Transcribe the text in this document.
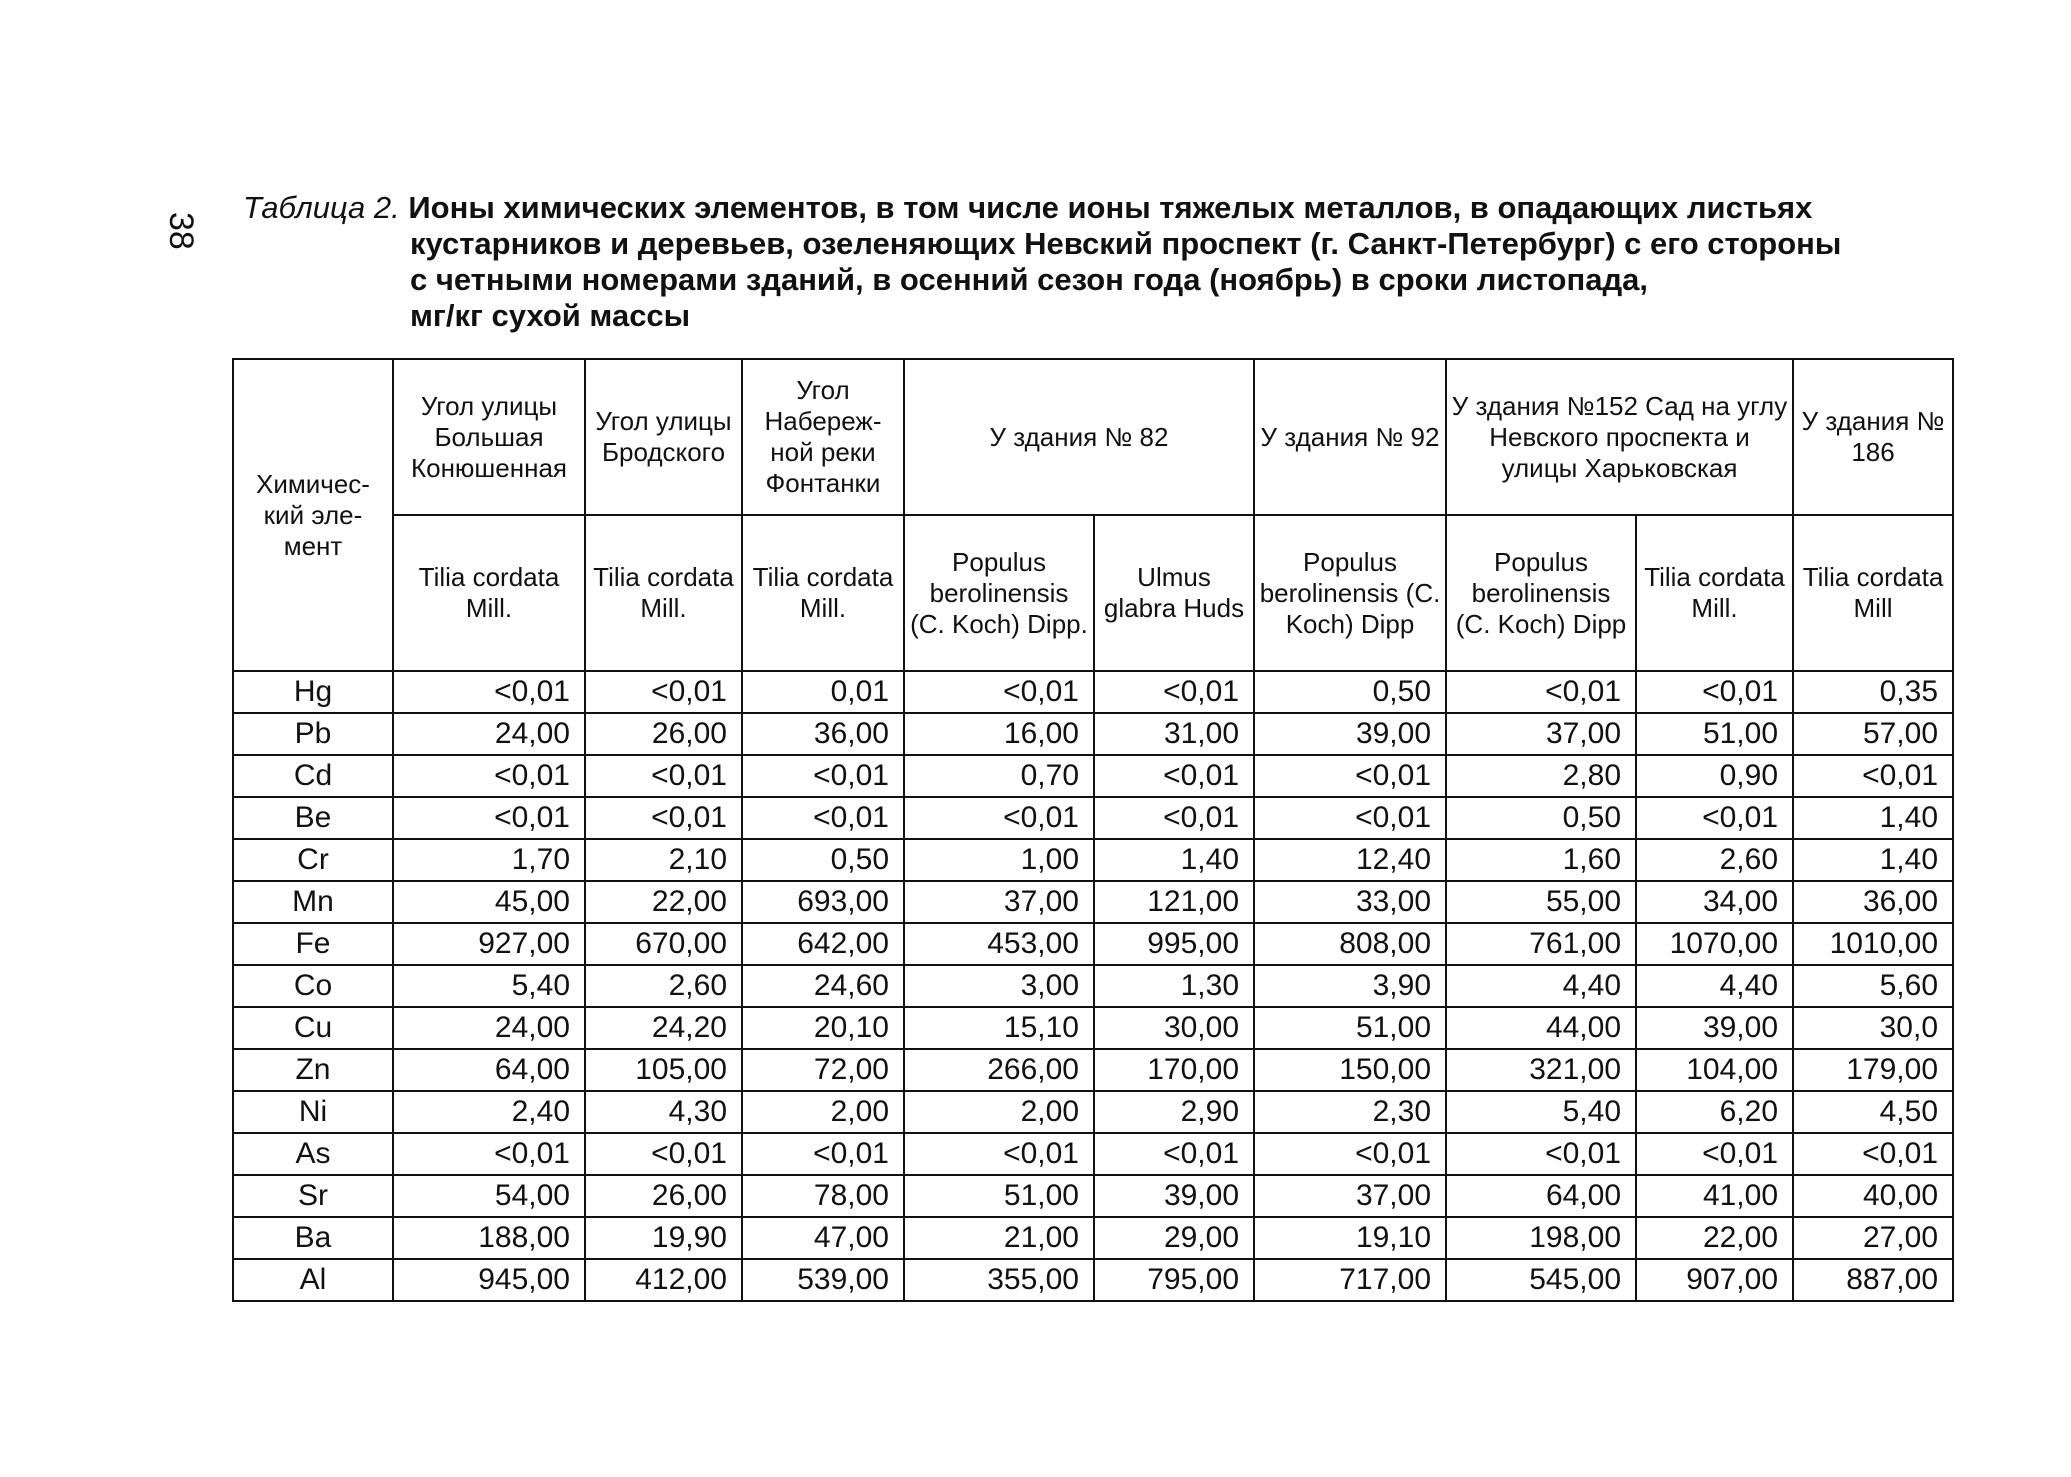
38
Таблица 2. Ионы химических элементов, в том числе ионы тяжелых металлов, в опадающих листьях
кустарников и деревьев, озеленяющих Невский проспект (г. Санкт-Петербург) с его стороны
с четными номерами зданий, в осенний сезон года (ноябрь) в сроки листопада,
мг/кг сухой массы
Химичес-кий эле-мент	Угол улицы Большая Конюшенная	Угол улицы Бродского	Угол Набереж-ной реки Фонтанки	У здания № 82		У здания № 92	У здания №152 Сад на углу Невского проспекта и улицы Харьковская		У здания № 186
	Tilia cordata Mill.	Tilia cordata Mill.	Tilia cordata Mill.	Populus berolinensis (C. Koch) Dipp.	Ulmus glabra Huds	Populus berolinensis (C. Koch) Dipp	Populus berolinensis (C. Koch) Dipp	Tilia cordata Mill.	Tilia cordata Mill
Hg	<0,01	<0,01	0,01	<0,01	<0,01	0,50	<0,01	<0,01	0,35
Pb	24,00	26,00	36,00	16,00	31,00	39,00	37,00	51,00	57,00
Cd	<0,01	<0,01	<0,01	0,70	<0,01	<0,01	2,80	0,90	<0,01
Be	<0,01	<0,01	<0,01	<0,01	<0,01	<0,01	0,50	<0,01	1,40
Cr	1,70	2,10	0,50	1,00	1,40	12,40	1,60	2,60	1,40
Mn	45,00	22,00	693,00	37,00	121,00	33,00	55,00	34,00	36,00
Fe	927,00	670,00	642,00	453,00	995,00	808,00	761,00	1070,00	1010,00
Co	5,40	2,60	24,60	3,00	1,30	3,90	4,40	4,40	5,60
Cu	24,00	24,20	20,10	15,10	30,00	51,00	44,00	39,00	30,0
Zn	64,00	105,00	72,00	266,00	170,00	150,00	321,00	104,00	179,00
Ni	2,40	4,30	2,00	2,00	2,90	2,30	5,40	6,20	4,50
As	<0,01	<0,01	<0,01	<0,01	<0,01	<0,01	<0,01	<0,01	<0,01
Sr	54,00	26,00	78,00	51,00	39,00	37,00	64,00	41,00	40,00
Ba	188,00	19,90	47,00	21,00	29,00	19,10	198,00	22,00	27,00
Al	945,00	412,00	539,00	355,00	795,00	717,00	545,00	907,00	887,00
